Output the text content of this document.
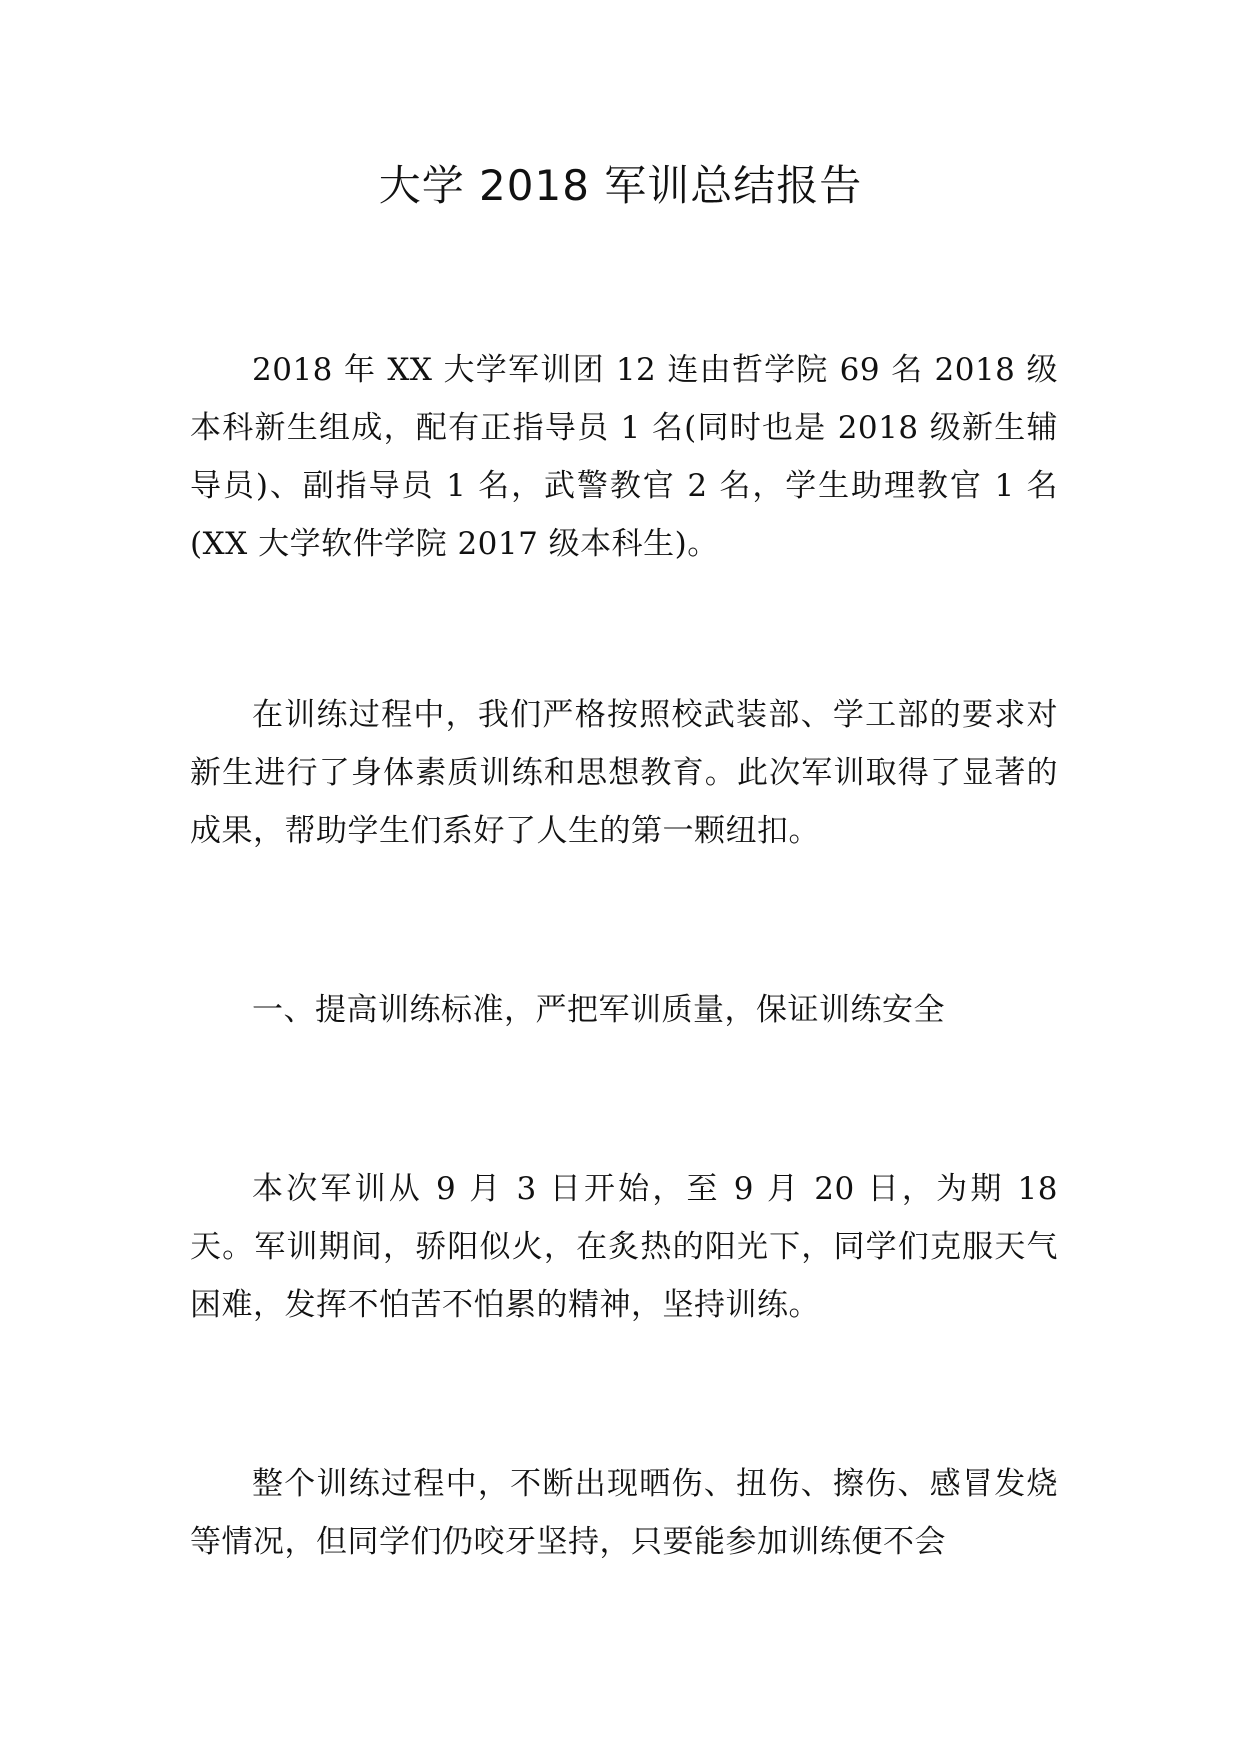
大学 2018 军训总结报告

2018 年 XX 大学军训团 12 连由哲学院 69 名 2018 级本科新生组成，配有正指导员 1 名(同时也是 2018 级新生辅导员)、副指导员 1 名，武警教官 2 名，学生助理教官 1 名(XX 大学软件学院 2017 级本科生)。

在训练过程中，我们严格按照校武装部、学工部的要求对新生进行了身体素质训练和思想教育。此次军训取得了显著的成果，帮助学生们系好了人生的第一颗纽扣。

一、提高训练标准，严把军训质量，保证训练安全

本次军训从 9 月 3 日开始，至 9 月 20 日，为期 18 天。军训期间，骄阳似火，在炙热的阳光下，同学们克服天气困难，发挥不怕苦不怕累的精神，坚持训练。

整个训练过程中，不断出现晒伤、扭伤、擦伤、感冒发烧等情况，但同学们仍咬牙坚持，只要能参加训练便不会
